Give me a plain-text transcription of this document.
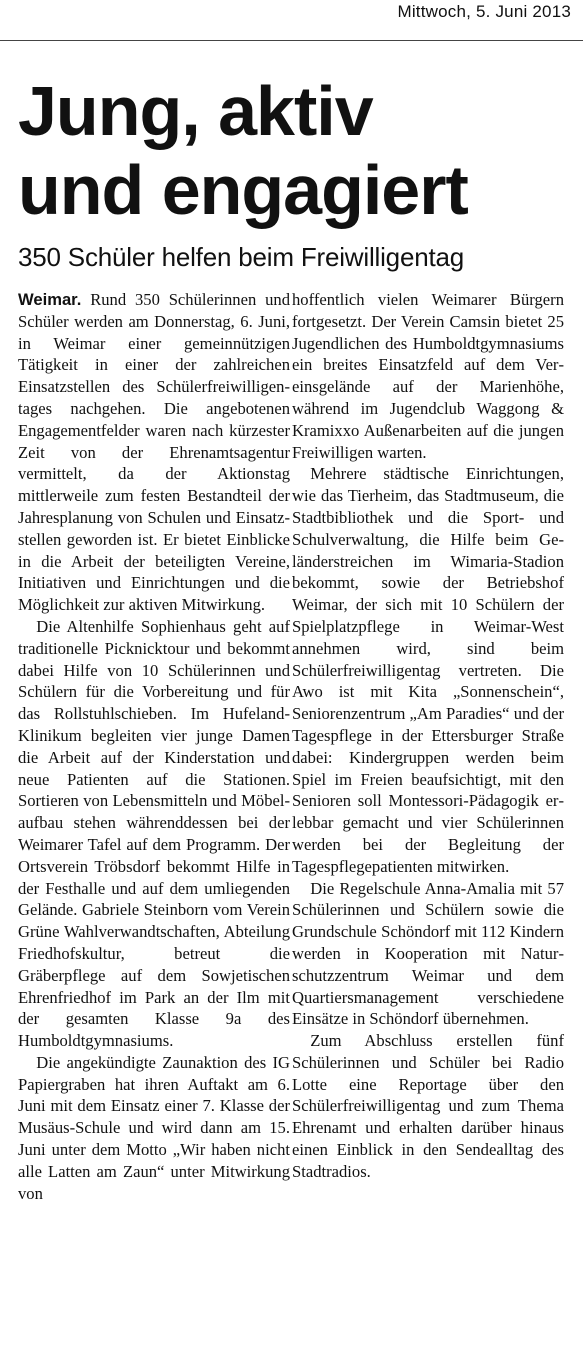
Mittwoch, 5. Juni 2013
Jung, aktiv
und engagiert
350 Schüler helfen beim Freiwilligentag

Weimar. Rund 350 Schülerinnen und Schüler werden am Donnerstag, 6. Juni, in Weimar einer gemeinnützigen Tätigkeit in einer der zahlreichen Einsatzstellen des Schülerfreiwilligentages nachgehen. Die angebotenen Engagementfelder waren nach kürzester Zeit von der Ehrenamtsagentur vermittelt, da der Aktionstag mittlerweile zum festen Bestandteil der Jahresplanung von Schulen und Einsatzstellen geworden ist. Er bietet Einblicke in die Arbeit der beteiligten Vereine, Initiativen und Einrichtungen und die Möglichkeit zur aktiven Mitwirkung.

Die Altenhilfe Sophienhaus geht auf traditionelle Picknicktour und bekommt dabei Hilfe von 10 Schülerinnen und Schülern für die Vorbereitung und für das Rollstuhlschieben. Im Hufeland-Klinikum begleiten vier junge Damen die Arbeit auf der Kinderstation und neue Patienten auf die Stationen. Sortieren von Lebensmitteln und Möbelaufbau stehen währenddessen bei der Weimarer Tafel auf dem Programm. Der Ortsverein Tröbsdorf bekommt Hilfe in der Festhalle und auf dem umliegenden Gelände. Gabriele Steinborn vom Verein Grüne Wahlverwandtschaften, Abteilung Friedhofskultur, betreut die Gräberpflege auf dem Sowjetischen Ehrenfriedhof im Park an der Ilm mit der gesamten Klasse 9a des Humboldtgymnasiums.

Die angekündigte Zaunaktion des IG Papiergraben hat ihren Auftakt am 6. Juni mit dem Einsatz einer 7. Klasse der Musäus-Schule und wird dann am 15. Juni unter dem Motto „Wir haben nicht alle Latten am Zaun“ unter Mitwirkung von

hoffentlich vielen Weimarer Bürgern fortgesetzt. Der Verein Camsin bietet 25 Jugendlichen des Humboldtgymnasiums ein breites Einsatzfeld auf dem Vereinsgelände auf der Marienhöhe, während im Jugendclub Waggong & Kramixxo Außenarbeiten auf die jungen Freiwilligen warten.

Mehrere städtische Einrichtungen, wie das Tierheim, das Stadtmuseum, die Stadtbibliothek und die Sport- und Schulverwaltung, die Hilfe beim Geländerstreichen im Wimaria-Stadion bekommt, sowie der Betriebshof Weimar, der sich mit 10 Schülern der Spielplatzpflege in Weimar-West annehmen wird, sind beim Schülerfreiwilligentag vertreten. Die Awo ist mit Kita „Sonnenschein“, Seniorenzentrum „Am Paradies“ und der Tagespflege in der Ettersburger Straße dabei: Kindergruppen werden beim Spiel im Freien beaufsichtigt, mit den Senioren soll Montessori-Pädagogik erlebbar gemacht und vier Schülerinnen werden bei der Begleitung der Tagespflegepatienten mitwirken.

Die Regelschule Anna-Amalia mit 57 Schülerinnen und Schülern sowie die Grundschule Schöndorf mit 112 Kindern werden in Kooperation mit Naturschutzzentrum Weimar und dem Quartiersmanagement verschiedene Einsätze in Schöndorf übernehmen.

Zum Abschluss erstellen fünf Schülerinnen und Schüler bei Radio Lotte eine Reportage über den Schülerfreiwilligentag und zum Thema Ehrenamt und erhalten darüber hinaus einen Einblick in den Sendealltag des Stadtradios.
